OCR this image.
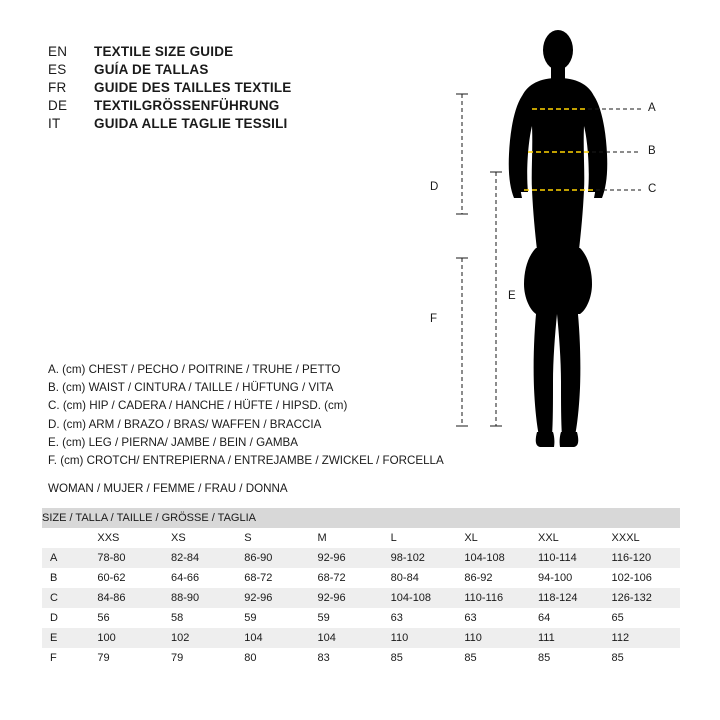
EN	TEXTILE SIZE GUIDE
ES	GUÍA DE TALLAS
FR	GUIDE DES TAILLES TEXTILE
DE	TEXTILGRÖSSENFÜHRUNG
IT	GUIDA ALLE TAGLIE TESSILI
A
B
C
D
F
E
A. (cm) CHEST / PECHO / POITRINE / TRUHE / PETTO
B. (cm) WAIST / CINTURA / TAILLE / HÜFTUNG / VITA
C. (cm) HIP / CADERA / HANCHE / HÜFTE / HIPSD. (cm)
D. (cm) ARM / BRAZO / BRAS/ WAFFEN / BRACCIA
E. (cm) LEG / PIERNA/ JAMBE / BEIN / GAMBA
F. (cm) CROTCH/ ENTREPIERNA / ENTREJAMBE / ZWICKEL / FORCELLA
WOMAN / MUJER / FEMME / FRAU / DONNA
SIZE / TALLA / TAILLE / GRÖSSE / TAGLIA								
	XXS	XS	S	M	L	XL	XXL	XXXL
A	78-80	82-84	86-90	92-96	98-102	104-108	110-114	116-120
B	60-62	64-66	68-72	68-72	80-84	86-92	94-100	102-106
C	84-86	88-90	92-96	92-96	104-108	110-116	118-124	126-132
D	56	58	59	59	63	63	64	65
E	100	102	104	104	110	110	111	112
F	79	79	80	83	85	85	85	85
